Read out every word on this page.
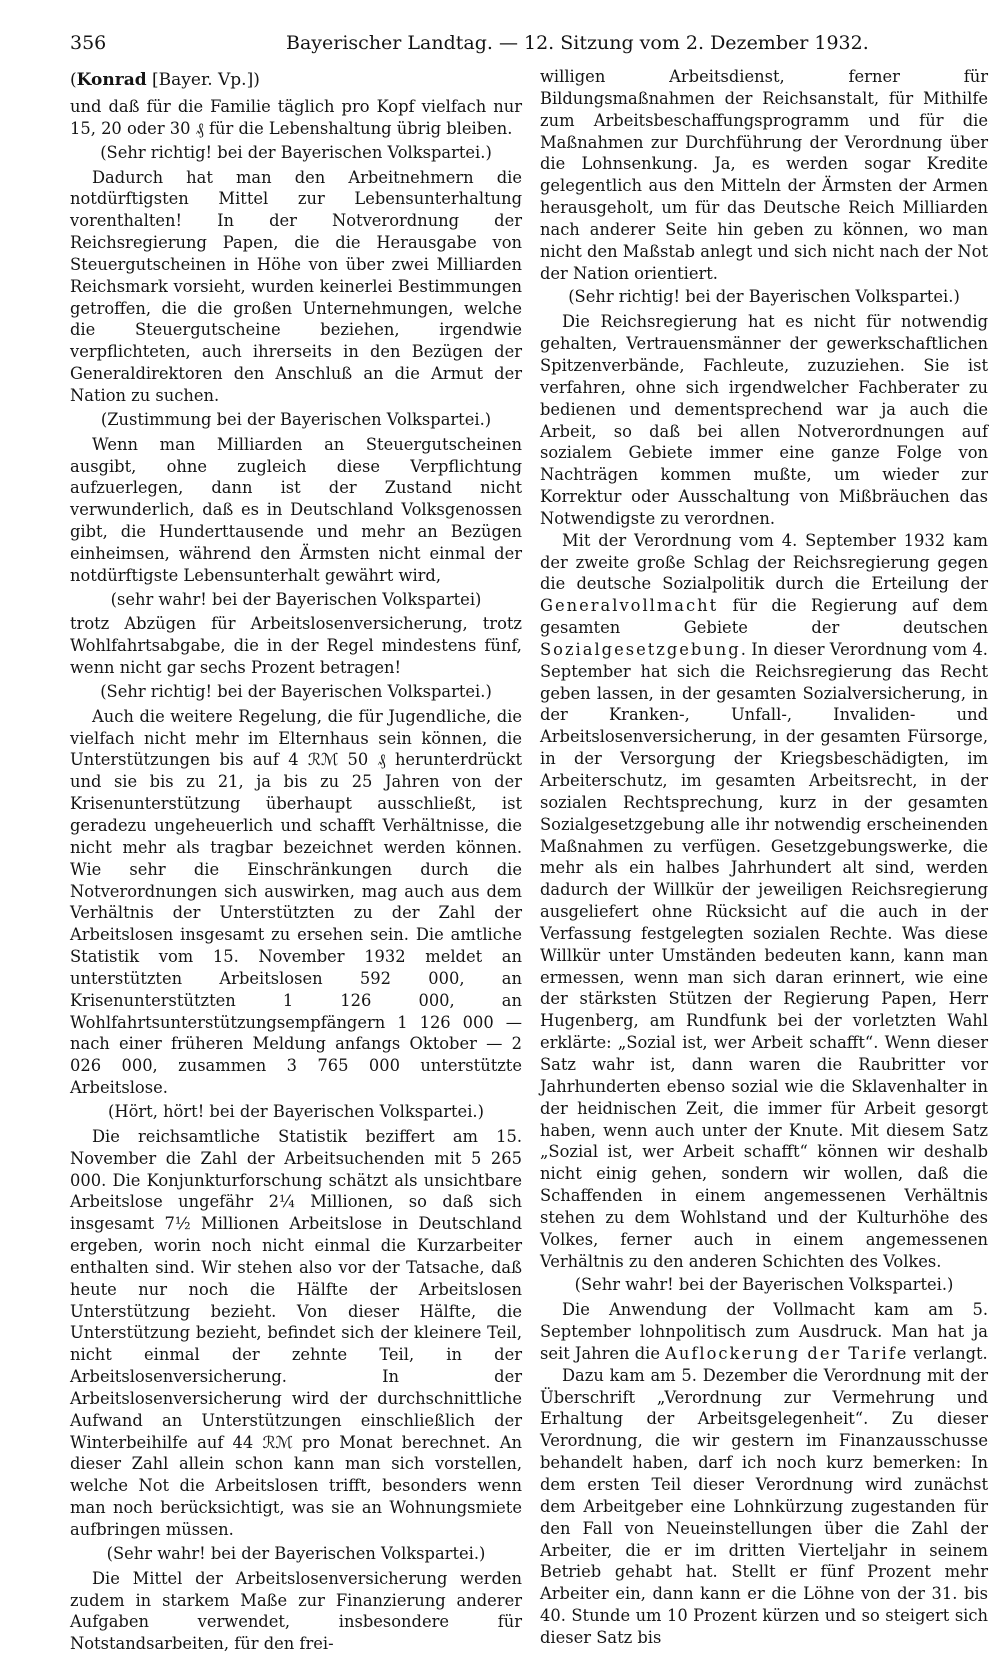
356	Bayerischer Landtag. — 12. Sitzung vom 2. Dezember 1932.

(Konrad [Bayer. Vp.])

und daß für die Familie täglich pro Kopf vielfach nur 15, 20 oder 30 ₰ für die Lebenshaltung übrig bleiben.

(Sehr richtig! bei der Bayerischen Volkspartei.)

Dadurch hat man den Arbeitnehmern die notdürftigsten Mittel zur Lebensunterhaltung vorenthalten! In der Notverordnung der Reichsregierung Papen, die die Herausgabe von Steuergutscheinen in Höhe von über zwei Milliarden Reichsmark vorsieht, wurden keinerlei Bestimmungen getroffen, die die großen Unternehmungen, welche die Steuergutscheine beziehen, irgendwie verpflichteten, auch ihrerseits in den Bezügen der Generaldirektoren den Anschluß an die Armut der Nation zu suchen.

(Zustimmung bei der Bayerischen Volkspartei.)

Wenn man Milliarden an Steuergutscheinen ausgibt, ohne zugleich diese Verpflichtung aufzuerlegen, dann ist der Zustand nicht verwunderlich, daß es in Deutschland Volksgenossen gibt, die Hunderttausende und mehr an Bezügen einheimsen, während den Ärmsten nicht einmal der notdürftigste Lebensunterhalt gewährt wird,

(sehr wahr! bei der Bayerischen Volkspartei)

trotz Abzügen für Arbeitslosenversicherung, trotz Wohlfahrtsabgabe, die in der Regel mindestens fünf, wenn nicht gar sechs Prozent betragen!

(Sehr richtig! bei der Bayerischen Volkspartei.)

Auch die weitere Regelung, die für Jugendliche, die vielfach nicht mehr im Elternhaus sein können, die Unterstützungen bis auf 4 ℛℳ 50 ₰ herunterdrückt und sie bis zu 21, ja bis zu 25 Jahren von der Krisenunterstützung überhaupt ausschließt, ist geradezu ungeheuerlich und schafft Verhältnisse, die nicht mehr als tragbar bezeichnet werden können. Wie sehr die Einschränkungen durch die Notverordnungen sich auswirken, mag auch aus dem Verhältnis der Unterstützten zu der Zahl der Arbeitslosen insgesamt zu ersehen sein. Die amtliche Statistik vom 15. November 1932 meldet an unterstützten Arbeitslosen 592 000, an Krisenunterstützten 1 126 000, an Wohlfahrtsunterstützungsempfängern 1 126 000 — nach einer früheren Meldung anfangs Oktober — 2 026 000, zusammen 3 765 000 unterstützte Arbeitslose.

(Hört, hört! bei der Bayerischen Volkspartei.)

Die reichsamtliche Statistik beziffert am 15. November die Zahl der Arbeitsuchenden mit 5 265 000. Die Konjunkturforschung schätzt als unsichtbare Arbeitslose ungefähr 2¼ Millionen, so daß sich insgesamt 7½ Millionen Arbeitslose in Deutschland ergeben, worin noch nicht einmal die Kurzarbeiter enthalten sind. Wir stehen also vor der Tatsache, daß heute nur noch die Hälfte der Arbeitslosen Unterstützung bezieht. Von dieser Hälfte, die Unterstützung bezieht, befindet sich der kleinere Teil, nicht einmal der zehnte Teil, in der Arbeitslosenversicherung. In der Arbeitslosenversicherung wird der durchschnittliche Aufwand an Unterstützungen einschließlich der Winterbeihilfe auf 44 ℛℳ pro Monat berechnet. An dieser Zahl allein schon kann man sich vorstellen, welche Not die Arbeitslosen trifft, besonders wenn man noch berücksichtigt, was sie an Wohnungsmiete aufbringen müssen.

(Sehr wahr! bei der Bayerischen Volkspartei.)

Die Mittel der Arbeitslosenversicherung werden zudem in starkem Maße zur Finanzierung anderer Aufgaben verwendet, insbesondere für Notstandsarbeiten, für den frei-

willigen Arbeitsdienst, ferner für Bildungsmaßnahmen der Reichsanstalt, für Mithilfe zum Arbeitsbeschaffungsprogramm und für die Maßnahmen zur Durchführung der Verordnung über die Lohnsenkung. Ja, es werden sogar Kredite gelegentlich aus den Mitteln der Ärmsten der Armen herausgeholt, um für das Deutsche Reich Milliarden nach anderer Seite hin geben zu können, wo man nicht den Maßstab anlegt und sich nicht nach der Not der Nation orientiert.

(Sehr richtig! bei der Bayerischen Volkspartei.)

Die Reichsregierung hat es nicht für notwendig gehalten, Vertrauensmänner der gewerkschaftlichen Spitzenverbände, Fachleute, zuzuziehen. Sie ist verfahren, ohne sich irgendwelcher Fachberater zu bedienen und dementsprechend war ja auch die Arbeit, so daß bei allen Notverordnungen auf sozialem Gebiete immer eine ganze Folge von Nachträgen kommen mußte, um wieder zur Korrektur oder Ausschaltung von Mißbräuchen das Notwendigste zu verordnen.

Mit der Verordnung vom 4. September 1932 kam der zweite große Schlag der Reichsregierung gegen die deutsche Sozialpolitik durch die Erteilung der Generalvollmacht für die Regierung auf dem gesamten Gebiete der deutschen Sozialgesetzgebung. In dieser Verordnung vom 4. September hat sich die Reichsregierung das Recht geben lassen, in der gesamten Sozialversicherung, in der Kranken-, Unfall-, Invaliden- und Arbeitslosenversicherung, in der gesamten Fürsorge, in der Versorgung der Kriegsbeschädigten, im Arbeiterschutz, im gesamten Arbeitsrecht, in der sozialen Rechtsprechung, kurz in der gesamten Sozialgesetzgebung alle ihr notwendig erscheinenden Maßnahmen zu verfügen. Gesetzgebungswerke, die mehr als ein halbes Jahrhundert alt sind, werden dadurch der Willkür der jeweiligen Reichsregierung ausgeliefert ohne Rücksicht auf die auch in der Verfassung festgelegten sozialen Rechte. Was diese Willkür unter Umständen bedeuten kann, kann man ermessen, wenn man sich daran erinnert, wie eine der stärksten Stützen der Regierung Papen, Herr Hugenberg, am Rundfunk bei der vorletzten Wahl erklärte: „Sozial ist, wer Arbeit schafft“. Wenn dieser Satz wahr ist, dann waren die Raubritter vor Jahrhunderten ebenso sozial wie die Sklavenhalter in der heidnischen Zeit, die immer für Arbeit gesorgt haben, wenn auch unter der Knute. Mit diesem Satz „Sozial ist, wer Arbeit schafft“ können wir deshalb nicht einig gehen, sondern wir wollen, daß die Schaffenden in einem angemessenen Verhältnis stehen zu dem Wohlstand und der Kulturhöhe des Volkes, ferner auch in einem angemessenen Verhältnis zu den anderen Schichten des Volkes.

(Sehr wahr! bei der Bayerischen Volkspartei.)

Die Anwendung der Vollmacht kam am 5. September lohnpolitisch zum Ausdruck. Man hat ja seit Jahren die Auflockerung der Tarife verlangt.

Dazu kam am 5. Dezember die Verordnung mit der Überschrift „Verordnung zur Vermehrung und Erhaltung der Arbeitsgelegenheit“. Zu dieser Verordnung, die wir gestern im Finanzausschusse behandelt haben, darf ich noch kurz bemerken: In dem ersten Teil dieser Verordnung wird zunächst dem Arbeitgeber eine Lohnkürzung zugestanden für den Fall von Neueinstellungen über die Zahl der Arbeiter, die er im dritten Vierteljahr in seinem Betrieb gehabt hat. Stellt er fünf Prozent mehr Arbeiter ein, dann kann er die Löhne von der 31. bis 40. Stunde um 10 Prozent kürzen und so steigert sich dieser Satz bis
